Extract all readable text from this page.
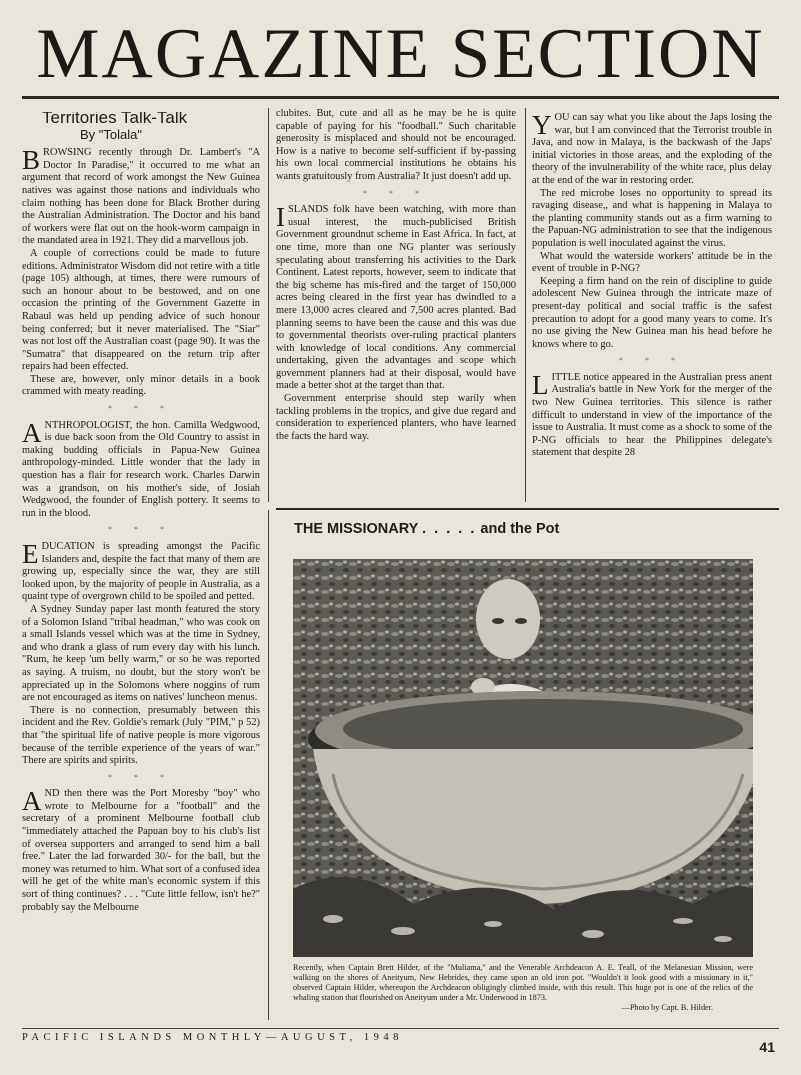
MAGAZINE SECTION
Territories Talk-Talk
By "Tolala"

BROWSING recently through Dr. Lambert's "A Doctor In Paradise," it occurred to me what an argument that record of work amongst the New Guinea natives was against those nations and individuals who claim nothing has been done for Black Brother during the Australian Administration. The Doctor and his band of workers were flat out on the hook-worm campaign in the mandated area in 1921. They did a marvellous job.

A couple of corrections could be made to future editions. Administrator Wisdom did not retire with a title (page 105) although, at times, there were rumours of such an honour about to be bestowed, and on one occasion the printing of the Government Gazette in Rabaul was held up pending advice of such honour being conferred; but it never materialised. The "Siar" was not lost off the Australian coast (page 90). It was the "Sumatra" that disappeared on the return trip after repairs had been effected.

These are, however, only minor details in a book crammed with meaty reading.

* * *

ANTHROPOLOGIST, the hon. Camilla Wedgwood, is due back soon from the Old Country to assist in making budding officials in Papua-New Guinea anthropology-minded. Little wonder that the lady in question has a flair for research work. Charles Darwin was a grandson, on his mother's side, of Josiah Wedgwood, the founder of English pottery. It seems to run in the blood.

* * *

EDUCATION is spreading amongst the Pacific Islanders and, despite the fact that many of them are growing up, especially since the war, they are still looked upon, by the majority of people in Australia, as a quaint type of overgrown child to be spoiled and petted.

A Sydney Sunday paper last month featured the story of a Solomon Island "tribal headman," who was cook on a small Islands vessel which was at the time in Sydney, and who drank a glass of rum every day with his lunch. "Rum, he keep 'um belly warm," or so he was reported as saying. A truism, no doubt, but the story won't be appreciated up in the Solomons where noggins of rum are not encouraged as items on natives' luncheon menus.

There is no connection, presumably between this incident and the Rev. Goldie's remark (July "PIM," p 52) that "the spiritual life of native people is more vigorous because of the terrible experience of the years of war." There are spirits and spirits.

* * *

AND then there was the Port Moresby "boy" who wrote to Melbourne for a "football" and the secretary of a prominent Melbourne football club "immediately attached the Papuan boy to his club's list of oversea supporters and arranged to send him a ball free." Later the lad forwarded 30/- for the ball, but the money was returned to him. What sort of a confused idea will he get of the white man's economic system if this sort of thing continues? . . . "Cute little fellow, isn't he?" probably say the Melbourne

clubites. But, cute and all as he may be he is quite capable of paying for his "foodball." Such charitable generosity is misplaced and should not be encouraged. How is a native to become self-sufficient if by-passing his own local commercial institutions he obtains his wants gratuitously from Australia? It just doesn't add up.

* * *

ISLANDS folk have been watching, with more than usual interest, the much-publicised British Government groundnut scheme in East Africa. In fact, at one time, more than one NG planter was seriously speculating about transferring his activities to the Dark Continent. Latest reports, however, seem to indicate that the big scheme has mis-fired and the target of 150,000 acres being cleared in the first year has dwindled to a mere 13,000 acres cleared and 7,500 acres planted. Bad planning seems to have been the cause and this was due to governmental theorists over-ruling practical planters with knowledge of local conditions. Any commercial undertaking, given the advantages and scope which government planners had at their disposal, would have made a better shot at the target than that.

Government enterprise should step warily when tackling problems in the tropics, and give due regard and consideration to experienced planters, who have learned the facts the hard way.

YOU can say what you like about the Japs losing the war, but I am convinced that the Terrorist trouble in Java, and now in Malaya, is the backwash of the Japs' initial victories in those areas, and the exploding of the theory of the invulnerability of the white race, plus delay at the end of the war in restoring order.

The red microbe loses no opportunity to spread its ravaging disease,, and what is happening in Malaya to the planting community stands out as a firm warning to the Papuan-NG administration to see that the indigenous population is well inoculated against the virus.

What would the waterside workers' attitude be in the event of trouble in P-NG?

Keeping a firm hand on the rein of discipline to guide adolescent New Guinea through the intricate maze of present-day political and social traffic is the safest precaution to adopt for a good many years to come. It's no use giving the New Guinea man his head before he knows where to go.

* * *

LITTLE notice appeared in the Australian press anent Australia's battle in New York for the merger of the two New Guinea territories. This silence is rather difficult to understand in view of the importance of the issue to Australia. It must come as a shock to some of the P-NG officials to hear the Philippines delegate's statement that despite 28

THE MISSIONARY . . . . . and the Pot
Recently, when Captain Brett Hilder, of the "Muliama," and the Venerable Archdeacon A. E. Teall, of the Melanesian Mission, were walking on the shores of Aneityum, New Hebrides, they came upon an old iron pot. "Wouldn't it look good with a missionary in it," observed Captain Hilder, whereupon the Archdeacon obligingly climbed inside, with this result. This huge pot is one of the relics of the whaling station that flourished on Aneityum under a Mr. Underwood in 1873.
—Photo by Capt. B. Hilder.
PACIFIC ISLANDS MONTHLY—AUGUST, 1948
41
